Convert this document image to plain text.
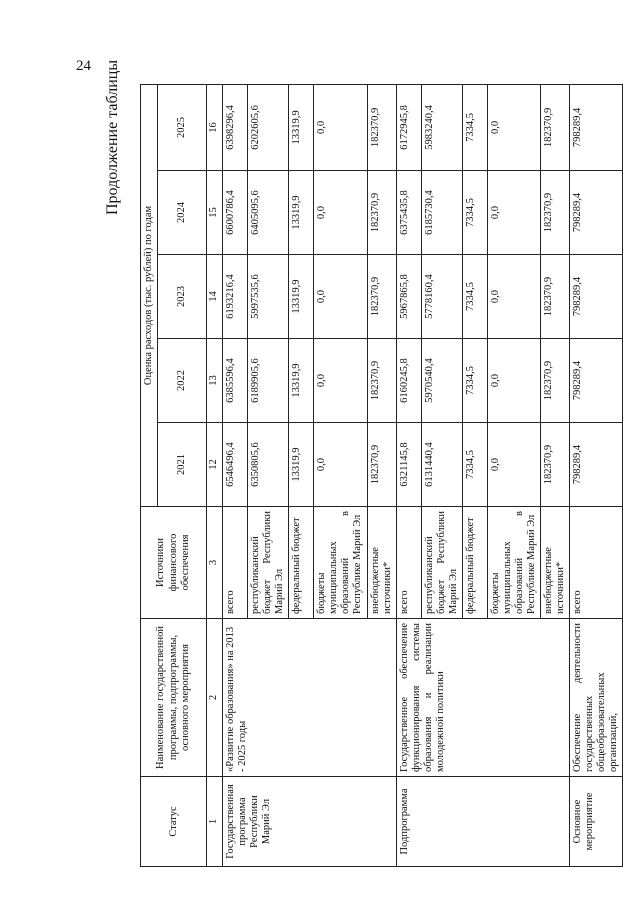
24 Продолжение таблицы
Статус	Наименование государственной программы, подпрограммы, основного мероприятия	Источники финансового обеспечения	Оценка расходов (тыс. рублей) по годам				
			2021	2022	2023	2024	2025
1	2	3	12	13	14	15	16
Государственная программа Республики Марий Эл	«Развитие образования» на 2013 - 2025 годы	всего	6546496,4	6385596,4	6193216,4	6600786,4	6398296,4
		республиканский бюджет Республики Марий Эл	6350805,6	6189905,6	5997535,6	6405095,6	6202605,6
		федеральный бюджет	13319,9	13319,9	13319,9	13319,9	13319,9
		бюджеты муниципальных образований в Республике Марий Эл	0,0	0,0	0,0	0,0	0,0
		внебюджетные источники*	182370,9	182370,9	182370,9	182370,9	182370,9
Подпрограмма	Государственное обеспечение функционирования системы образования и реализации молодежной политики	всего	6321145,8	6160245,8	5967865,8	6375435,8	6172945,8
		республиканский бюджет Республики Марий Эл	6131440,4	5970540,4	5778160,4	6185730,4	5983240,4
		федеральный бюджет	7334,5	7334,5	7334,5	7334,5	7334,5
		бюджеты муниципальных образований в Республике Марий Эл	0,0	0,0	0,0	0,0	0,0
		внебюджетные источники*	182370,9	182370,9	182370,9	182370,9	182370,9
Основное мероприятие	Обеспечение деятельности государственных общеобразовательных организаций,	всего	798289,4	798289,4	798289,4	798289,4	798289,4
